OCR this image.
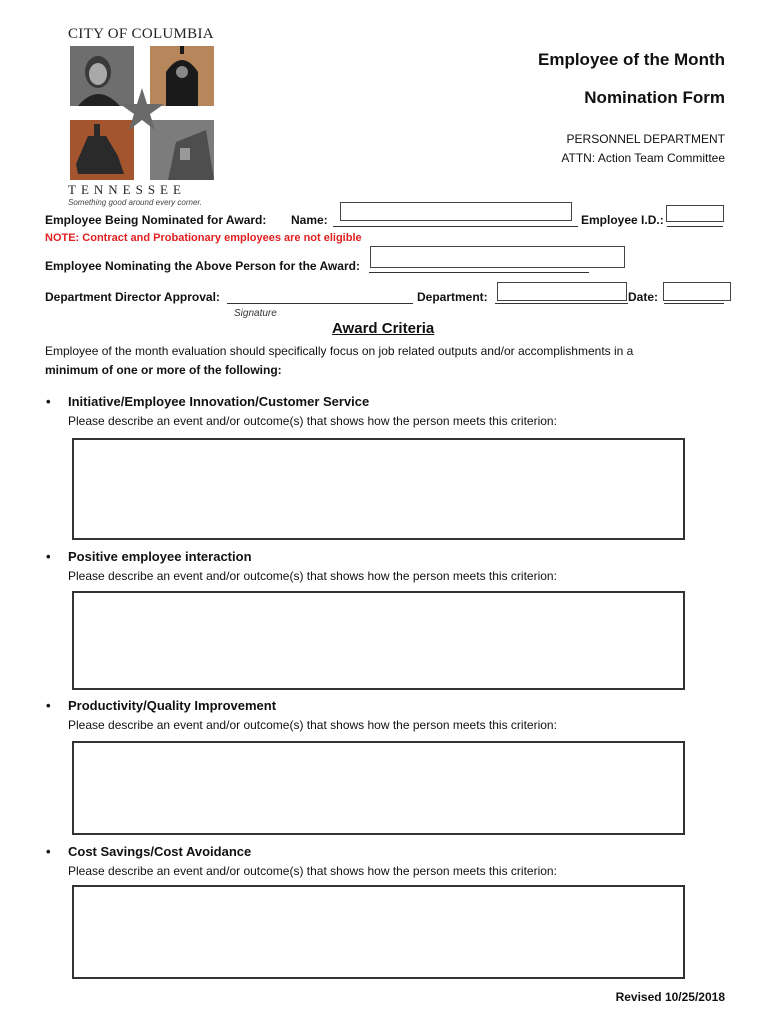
CITY OF COLUMBIA
TENNESSEE
Something good around every corner.
Employee of the Month
Nomination Form
PERSONNEL DEPARTMENT
ATTN: Action Team Committee
Employee Being Nominated for Award: Name:	Employee I.D.:
NOTE: Contract and Probationary employees are not eligible
Employee Nominating the Above Person for the Award:
Department Director Approval:
Signature
Department:	Date:
Award Criteria
Employee of the month evaluation should specifically focus on job related outputs and/or accomplishments in a
minimum of one or more of the following:
• Initiative/Employee Innovation/Customer Service
Please describe an event and/or outcome(s) that shows how the person meets this criterion:
• Positive employee interaction
Please describe an event and/or outcome(s) that shows how the person meets this criterion:
• Productivity/Quality Improvement
Please describe an event and/or outcome(s) that shows how the person meets this criterion:
• Cost Savings/Cost Avoidance
Please describe an event and/or outcome(s) that shows how the person meets this criterion:
Revised 10/25/2018
